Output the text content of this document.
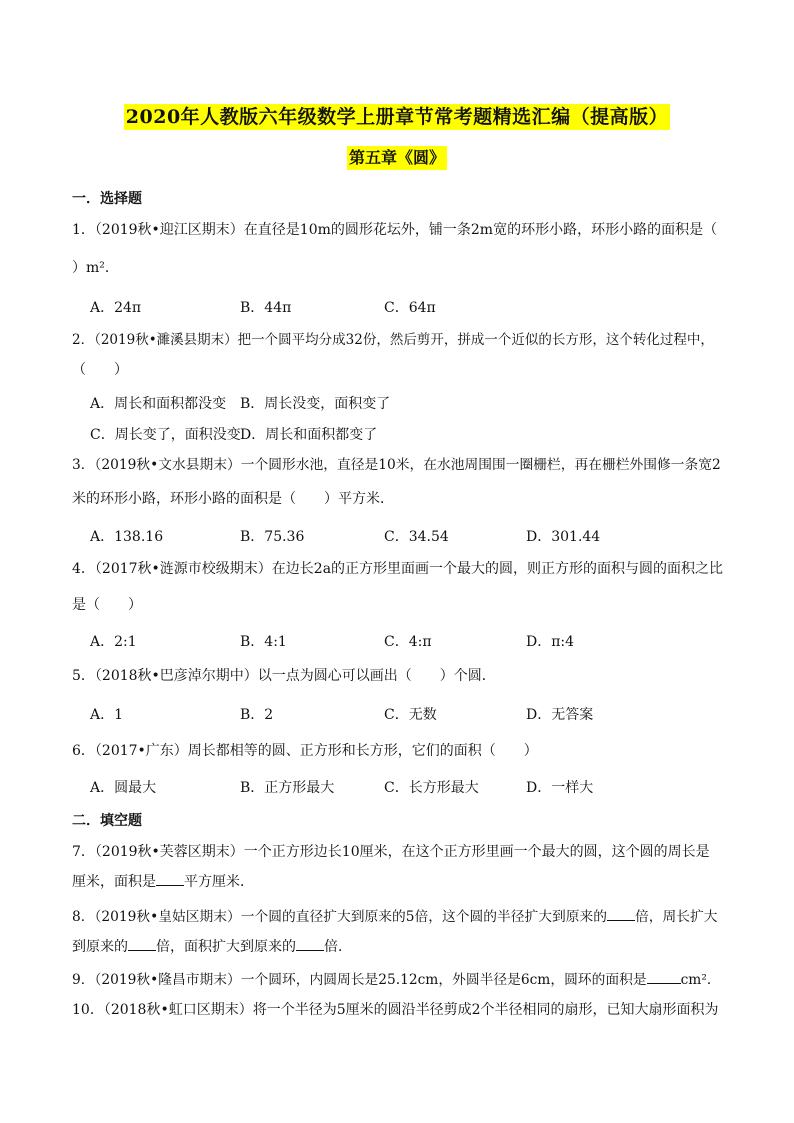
2020年人教版六年级数学上册章节常考题精选汇编（提高版）
第五章《圆》
一．选择题
1．（2019秋•迎江区期末）在直径是10m的圆形花坛外，铺一条2m宽的环形小路，环形小路的面积是（
）m²．
A．24π	B．44π	C．64π
2．（2019秋•濉溪县期末）把一个圆平均分成32份，然后剪开，拼成一个近似的长方形，这个转化过程中，
（　　）
A．周长和面积都没变 B．周长没变，面积变了
C．周长变了，面积没变 D．周长和面积都变了
3．（2019秋•文水县期末）一个圆形水池，直径是10米，在水池周围围一圈栅栏，再在栅栏外围修一条宽2
米的环形小路，环形小路的面积是（　　）平方米．
A．138.16	B．75.36	C．34.54	D．301.44
4．（2017秋•涟源市校级期末）在边长2a的正方形里面画一个最大的圆，则正方形的面积与圆的面积之比
是（　　）
A．2:1	B．4:1	C．4:π	D．π:4
5．（2018秋•巴彦淖尔期中）以一点为圆心可以画出（　　）个圆．
A．1	B．2	C．无数	D．无答案
6．（2017•广东）周长都相等的圆、正方形和长方形，它们的面积（　　）
A．圆最大	B．正方形最大	C．长方形最大	D．一样大
二．填空题
7．（2019秋•芙蓉区期末）一个正方形边长10厘米，在这个正方形里画一个最大的圆，这个圆的周长是
厘米，面积是 平方厘米．
8．（2019秋•皇姑区期末）一个圆的直径扩大到原来的5倍，这个圆的半径扩大到原来的 倍，周长扩大
到原来的 倍，面积扩大到原来的 倍．
9．（2019秋•隆昌市期末）一个圆环，内圆周长是25.12cm，外圆半径是6cm，圆环的面积是 cm²．
10．（2018秋•虹口区期末）将一个半径为5厘米的圆沿半径剪成2个半径相同的扇形，已知大扇形面积为
